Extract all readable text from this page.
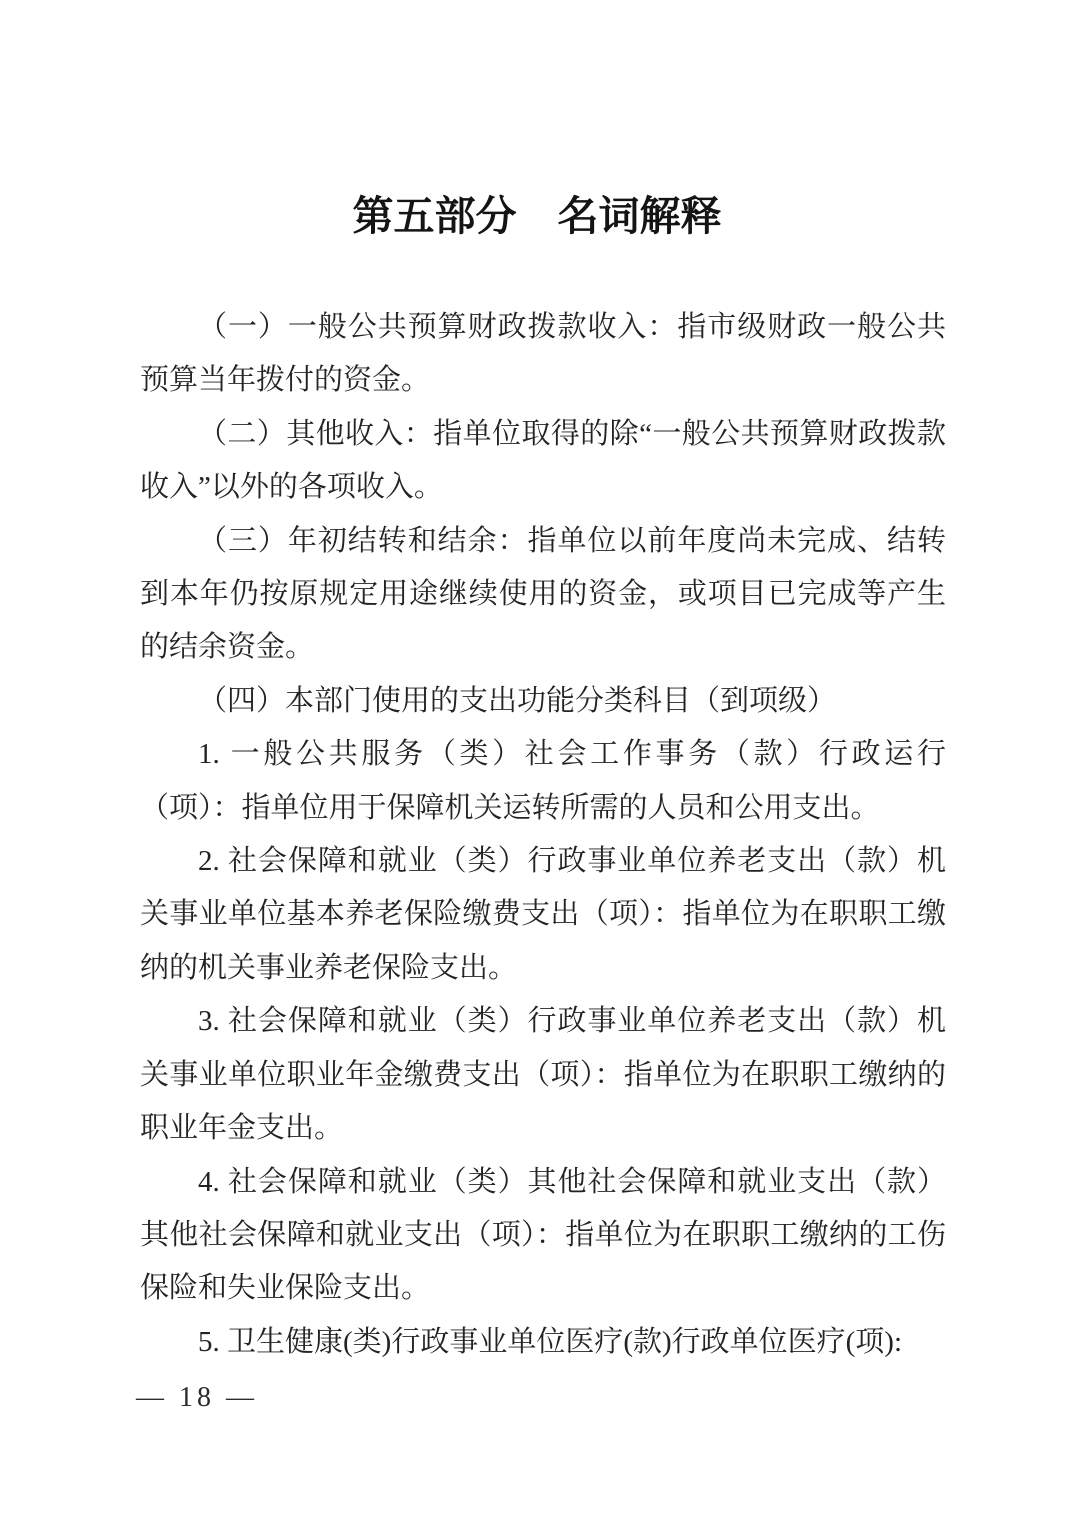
第五部分　名词解释

（一）一般公共预算财政拨款收入：指市级财政一般公共预算当年拨付的资金。

（二）其他收入：指单位取得的除“一般公共预算财政拨款收入”以外的各项收入。

（三）年初结转和结余：指单位以前年度尚未完成、结转到本年仍按原规定用途继续使用的资金，或项目已完成等产生的结余资金。

（四）本部门使用的支出功能分类科目（到项级）

1. 一般公共服务（类）社会工作事务（款）行政运行（项）：指单位用于保障机关运转所需的人员和公用支出。

2. 社会保障和就业（类）行政事业单位养老支出（款）机关事业单位基本养老保险缴费支出（项）：指单位为在职职工缴纳的机关事业养老保险支出。

3. 社会保障和就业（类）行政事业单位养老支出（款）机关事业单位职业年金缴费支出（项）：指单位为在职职工缴纳的职业年金支出。

4. 社会保障和就业（类）其他社会保障和就业支出（款）其他社会保障和就业支出（项）：指单位为在职职工缴纳的工伤保险和失业保险支出。

5. 卫生健康(类)行政事业单位医疗(款)行政单位医疗(项):

— 18 —
